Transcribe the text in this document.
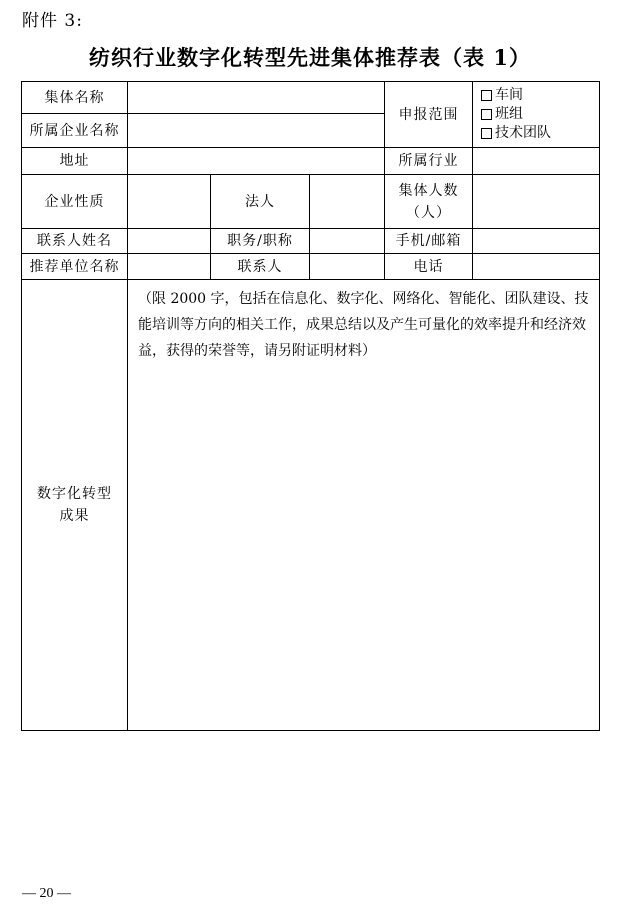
附件 3:
纺织行业数字化转型先进集体推荐表（表 1）
集体名称				申报范围	车间
班组
技术团队

所属企业名称					
地址				所属行业	
企业性质		法人		集体人数
（人）	

联系人姓名		职务/职称		手机/邮箱	
推荐单位名称		联系人		电话	

数字化转型
成果	（限 2000 字，包括在信息化、数字化、网络化、智能化、团队建设、技能培训等方向的相关工作，成果总结以及产生可量化的效率提升和经济效益，获得的荣誉等，请另附证明材料）				

— 20 —
